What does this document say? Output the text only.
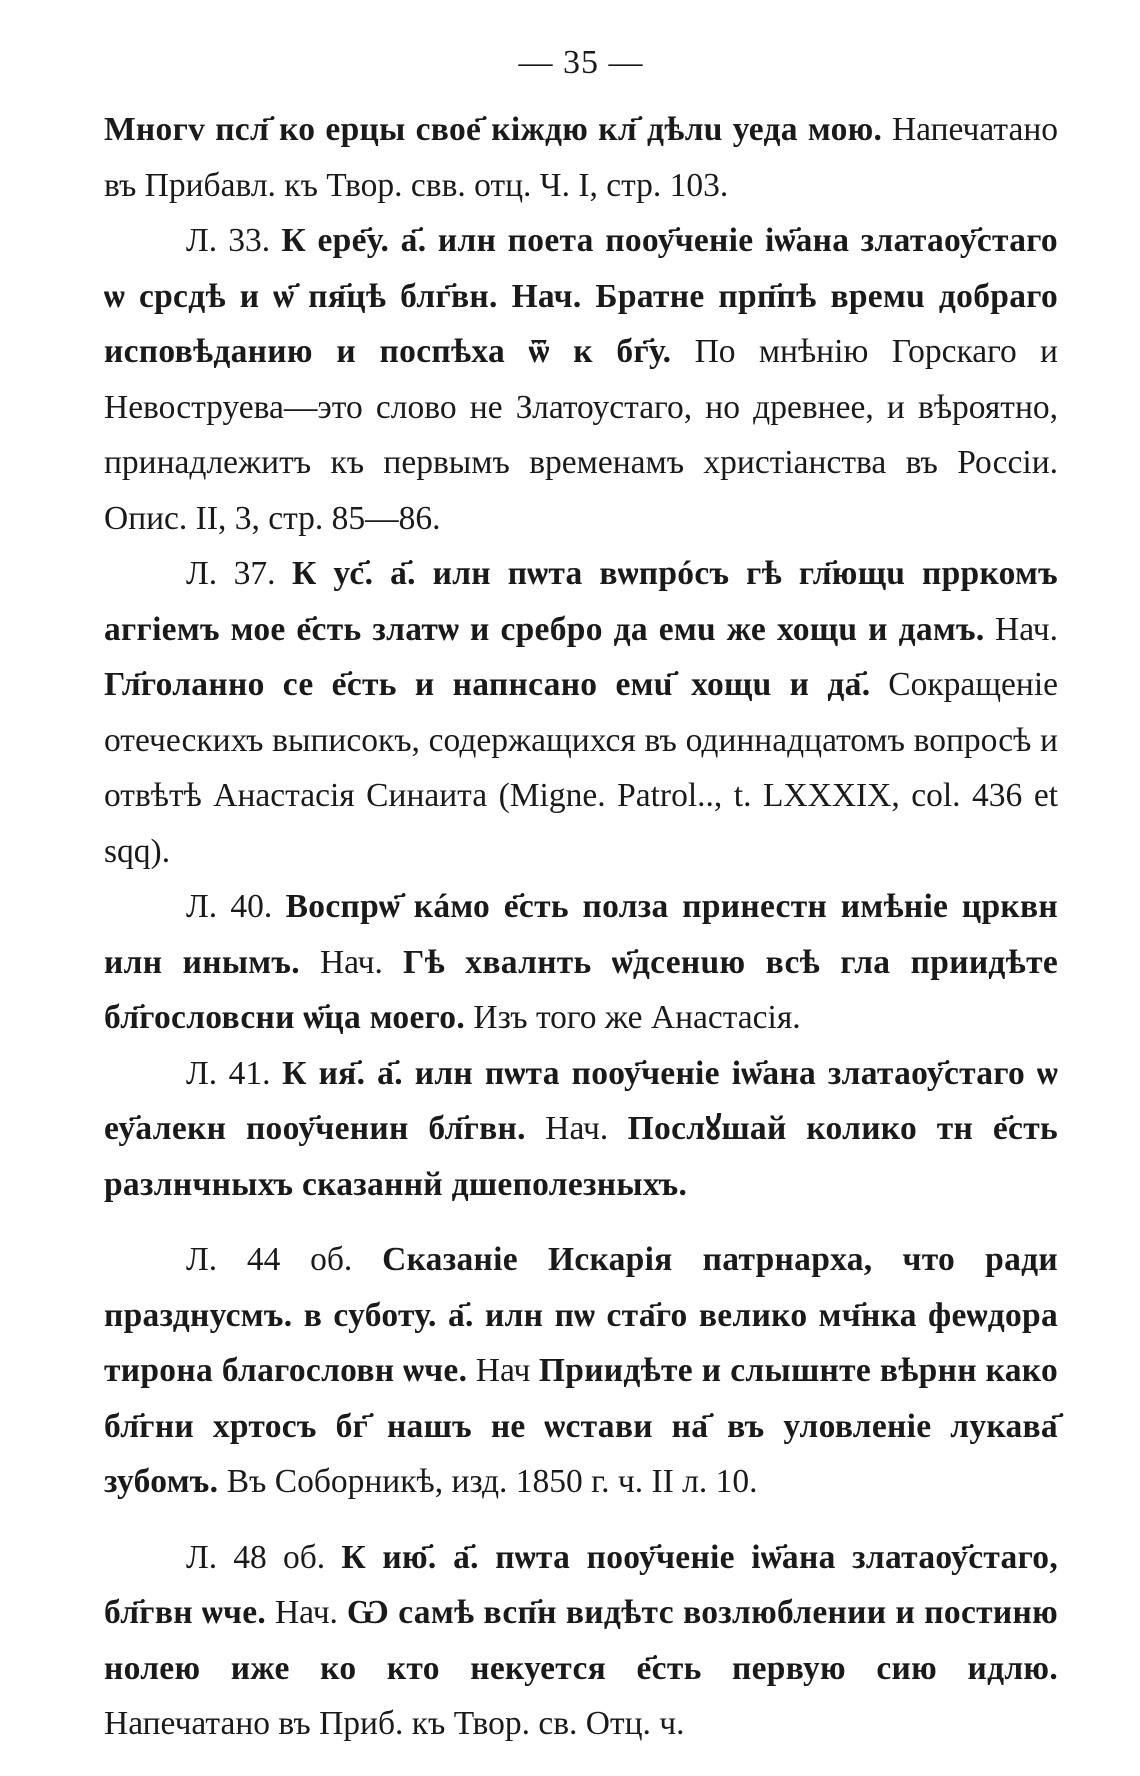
— 35 —

Мнoгv псл҃ ко ерцы свое҃ кiждю кл҃ дѣлu уеда мою. Напечатано въ Прибавл. къ Твор. свв. отц. Ч. I, стр. 103.

Л. 33. К ере҃у. а҃. илн поета пооу҃ченiе iѡ҃ана златаоу҃стаго ѡ срсдѣ и ѡ҃ пя҃цѣ блг҃вн. Нач. Братне прп҃пѣ времu добраго исповѣданию и поспѣха ѿ к бг҃у. По мнѣнiю Горскаго и Невоструева—это слово не Златоустаго, но древнее, и вѣроятно, принадлежитъ къ первымъ временамъ христiанства въ Россiи. Опис. II, 3, стр. 85—86.

Л. 37. К ус҃. а҃. илн пѡта вѡпрóсъ гѣ гл҃ющu прркомъ аггiемъ мое е҃сть златѡ и сребро да емu же хощu и дамъ. Нач. Гл҃голанно се е҃сть и напнсано емu҃ хощu и да҃. Сокращенiе отеческихъ выписокъ, содержащихся въ одиннадцатомъ вопросѣ и отвѣтѣ Анастасiя Синаита (Migne. Patrol.., t. LXXXIX, col. 436 et sqq).

Л. 40. Воспрѡ҃ кáмо е҃сть полза принестн имѣнiе црквн илн инымъ. Нач. Гѣ хвалнть ѡ҃дсенuю всѣ гла приидѣте бл҃гословсни ѡ҃ца моего. Изъ того же Анастасiя.

Л. 41. К ия҃. а҃. илн пѡта пооу҃ченiе iѡ҃ана златаоу҃стаго ѡ еу҃алекн пооу҃ченин бл҃гвн. Нач. Послꙋшай колико тн е҃сть разлнчныхъ сказаннй дшеполезныхъ.

Л. 44 об. Сказанiе Искарiя патрнарха, что ради празднусмъ. в суботу. а҃. илн пѡ ста҃го велико мч҃нка феѡдора тирона благословн ѡче. Нач Приидѣте и слышнте вѣрнн како бл҃гни хртосъ бг҃ нашъ не ѡстави на҃ въ уловленiе лукава҃ зубомъ. Въ Соборникѣ, изд. 1850 г. ч. II л. 10.

Л. 48 об. К ию҃. а҃. пѡта пооу҃ченiе iѡ҃ана златаоу҃стаго, бл҃гвн ѡче. Нач. Ѡ самѣ всп҃н видѣтс возлюблении и постиню нолею иже ко кто некуется е҃сть первую сию идлю. Напечатано въ Приб. къ Твор. св. Отц. ч.
